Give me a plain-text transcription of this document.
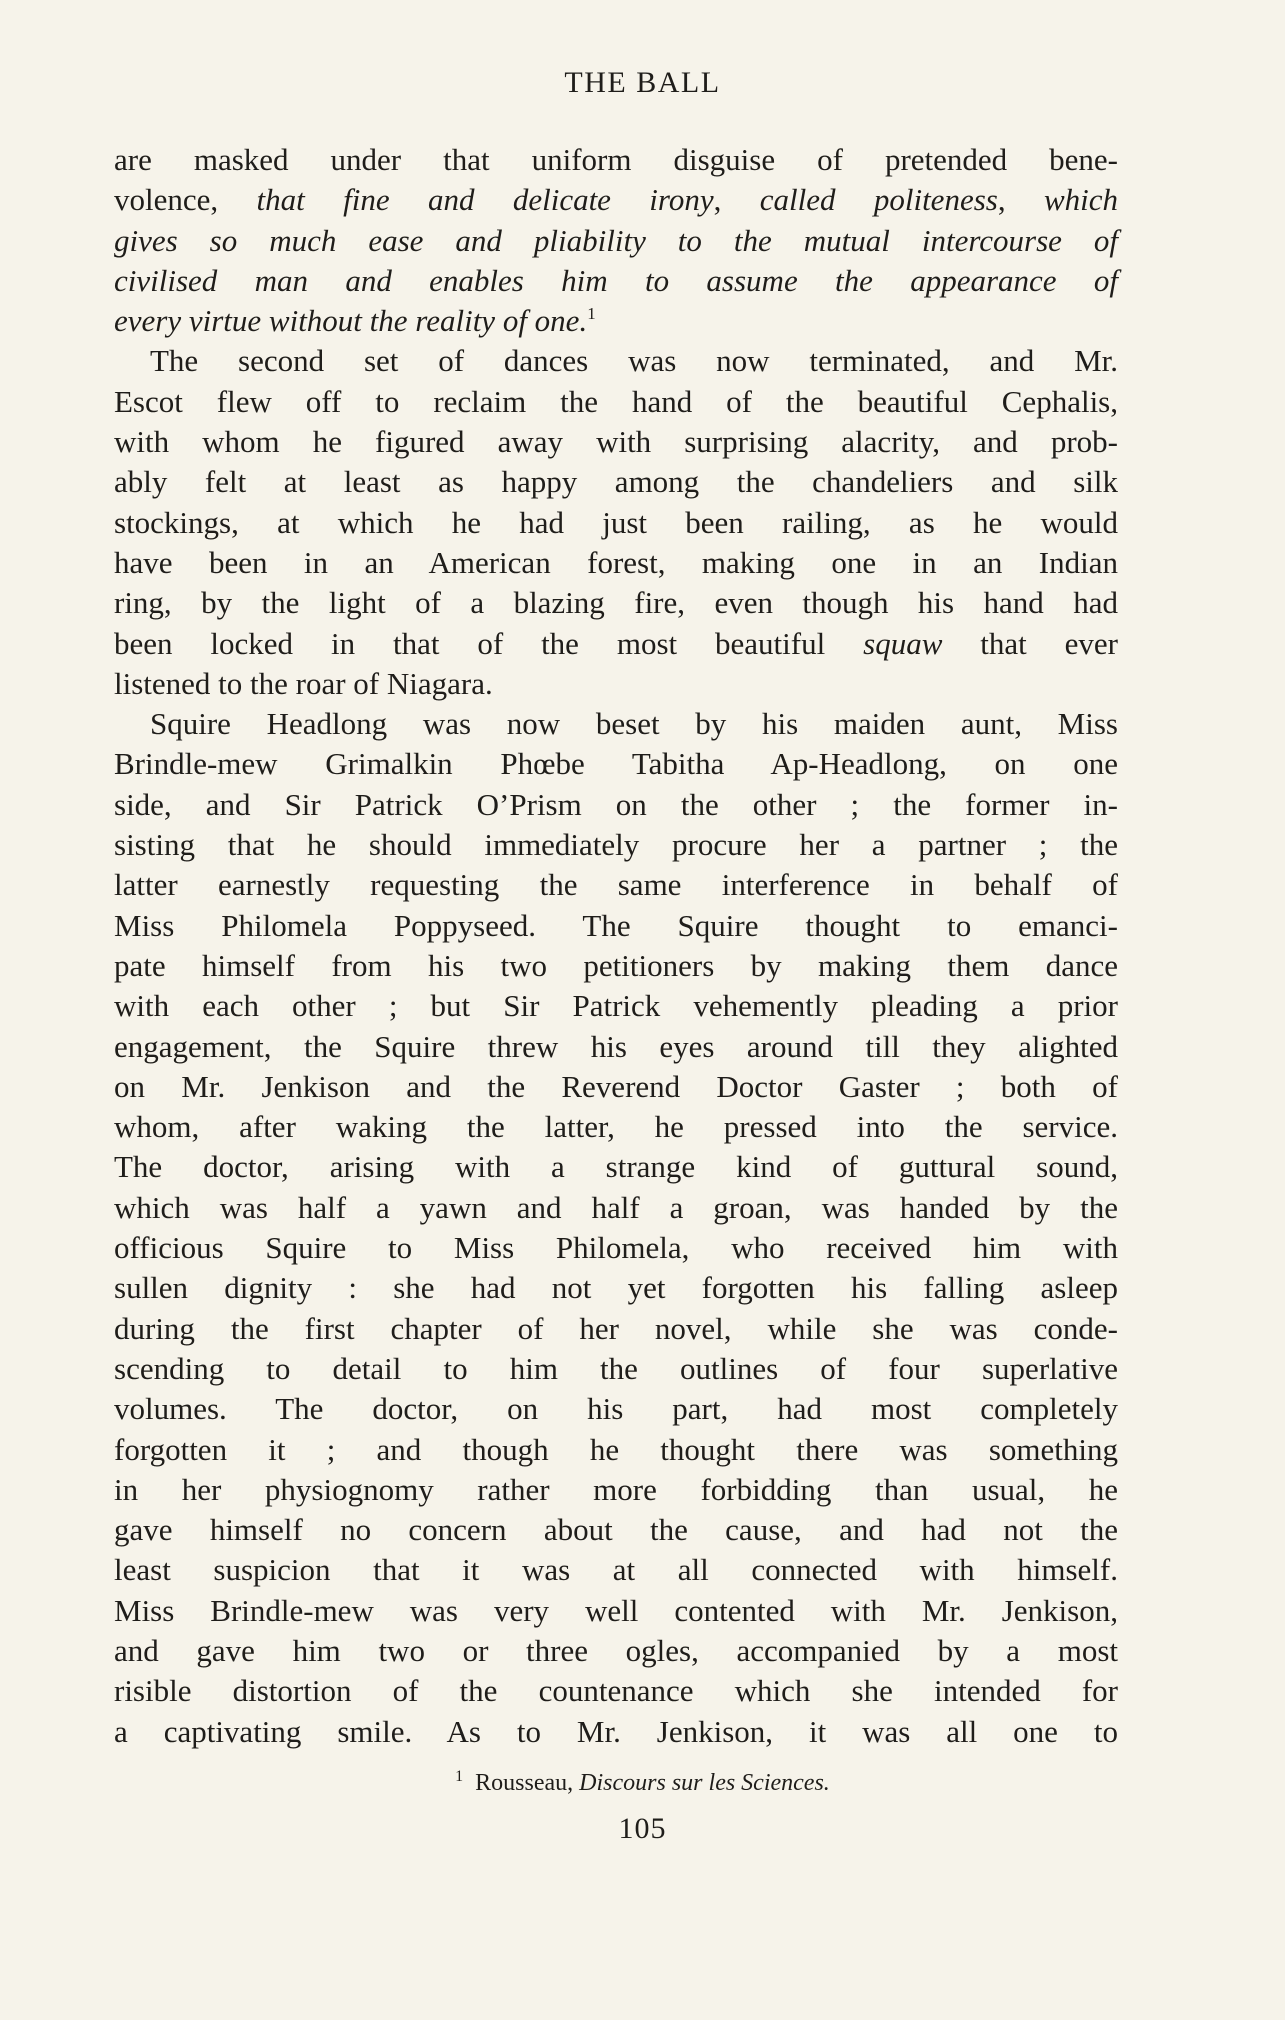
THE BALL
are masked under that uniform disguise of pretended bene-
volence, that fine and delicate irony, called politeness, which
gives so much ease and pliability to the mutual intercourse of
civilised man and enables him to assume the appearance of
every virtue without the reality of one.$^1$
The second set of dances was now terminated, and Mr.
Escot flew off to reclaim the hand of the beautiful Cephalis,
with whom he figured away with surprising alacrity, and prob-
ably felt at least as happy among the chandeliers and silk
stockings, at which he had just been railing, as he would
have been in an American forest, making one in an Indian
ring, by the light of a blazing fire, even though his hand had
been locked in that of the most beautiful squaw that ever
listened to the roar of Niagara.
Squire Headlong was now beset by his maiden aunt, Miss
Brindle-mew Grimalkin Phœbe Tabitha Ap-Headlong, on one
side, and Sir Patrick O’Prism on the other ; the former in-
sisting that he should immediately procure her a partner ; the
latter earnestly requesting the same interference in behalf of
Miss Philomela Poppyseed. The Squire thought to emanci-
pate himself from his two petitioners by making them dance
with each other ; but Sir Patrick vehemently pleading a prior
engagement, the Squire threw his eyes around till they alighted
on Mr. Jenkison and the Reverend Doctor Gaster ; both of
whom, after waking the latter, he pressed into the service.
The doctor, arising with a strange kind of guttural sound,
which was half a yawn and half a groan, was handed by the
officious Squire to Miss Philomela, who received him with
sullen dignity : she had not yet forgotten his falling asleep
during the first chapter of her novel, while she was conde-
scending to detail to him the outlines of four superlative
volumes. The doctor, on his part, had most completely
forgotten it ; and though he thought there was something
in her physiognomy rather more forbidding than usual, he
gave himself no concern about the cause, and had not the
least suspicion that it was at all connected with himself.
Miss Brindle-mew was very well contented with Mr. Jenkison,
and gave him two or three ogles, accompanied by a most
risible distortion of the countenance which she intended for
a captivating smile. As to Mr. Jenkison, it was all one to
$^1$ Rousseau, Discours sur les Sciences.
105
